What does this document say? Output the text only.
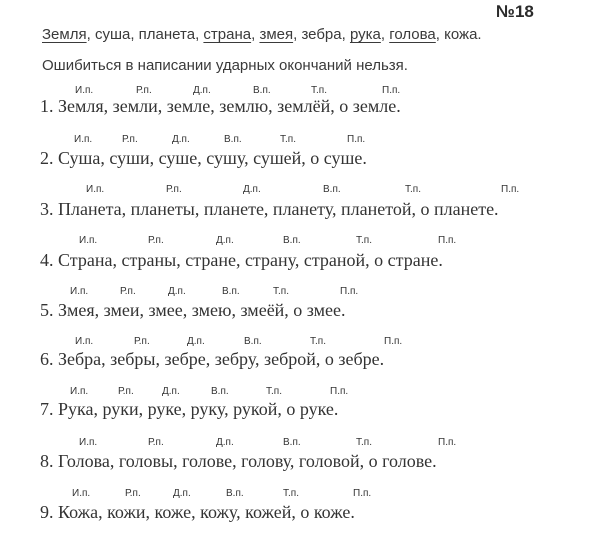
№18
Земля, суша, планета, страна, змея, зебра, рука, голова, кожа.
Ошибиться в написании ударных окончаний нельзя.
И.п.	Р.п.	Д.п.	В.п.	Т.п.	П.п.
1. Земля, земли, земле, землю, землёй, о земле.
И.п.	Р.п.	Д.п.	В.п.	Т.п.	П.п.
2. Суша, суши, суше, сушу, сушей, о суше.
И.п.	Р.п.	Д.п.	В.п.	Т.п.	П.п.
3. Планета, планеты, планете, планету, планетой, о планете.
И.п.	Р.п.	Д.п.	В.п.	Т.п.	П.п.
4. Страна, страны, стране, страну, страной, о стране.
И.п.	Р.п.	Д.п.	В.п.	Т.п.	П.п.
5. Змея, змеи, змее, змею, змеёй, о змее.
И.п.	Р.п.	Д.п.	В.п.	Т.п.	П.п.
6. Зебра, зебры, зебре, зебру, зеброй, о зебре.
И.п.	Р.п.	Д.п.	В.п.	Т.п.	П.п.
7. Рука, руки, руке, руку, рукой, о руке.
И.п.	Р.п.	Д.п.	В.п.	Т.п.	П.п.
8. Голова, головы, голове, голову, головой, о голове.
И.п.	Р.п.	Д.п.	В.п.	Т.п.	П.п.
9. Кожа, кожи, коже, кожу, кожей, о коже.
